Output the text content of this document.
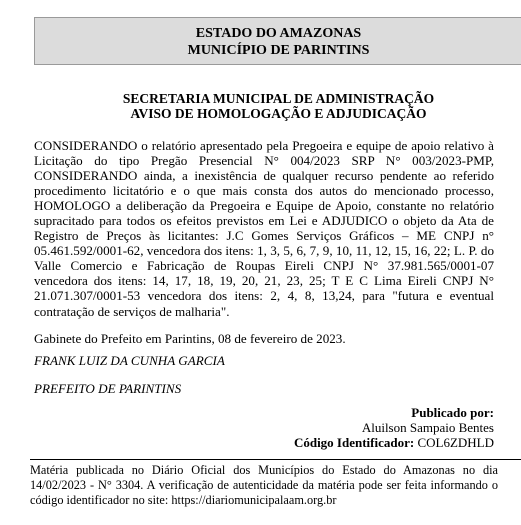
ESTADO DO AMAZONAS
MUNICÍPIO DE PARINTINS
SECRETARIA MUNICIPAL DE ADMINISTRAÇÃO
AVISO DE HOMOLOGAÇÃO E ADJUDICAÇÃO
CONSIDERANDO o relatório apresentado pela Pregoeira e equipe de apoio relativo à Licitação do tipo Pregão Presencial N° 004/2023 SRP N° 003/2023-PMP, CONSIDERANDO ainda, a inexistência de qualquer recurso pendente ao referido procedimento licitatório e o que mais consta dos autos do mencionado processo, HOMOLOGO a deliberação da Pregoeira e Equipe de Apoio, constante no relatório supracitado para todos os efeitos previstos em Lei e ADJUDICO o objeto da Ata de Registro de Preços às licitantes: J.C Gomes Serviços Gráficos – ME CNPJ n° 05.461.592/0001-62, vencedora dos itens: 1, 3, 5, 6, 7, 9, 10, 11, 12, 15, 16, 22; L. P. do Valle Comercio e Fabricação de Roupas Eireli CNPJ N° 37.981.565/0001-07 vencedora dos itens: 14, 17, 18, 19, 20, 21, 23, 25; T E C Lima Eireli CNPJ N° 21.071.307/0001-53 vencedora dos itens: 2, 4, 8, 13,24, para "futura e eventual contratação de serviços de malharia".
Gabinete do Prefeito em Parintins, 08 de fevereiro de 2023.
FRANK LUIZ DA CUNHA GARCIA
PREFEITO DE PARINTINS
Publicado por:
Aluilson Sampaio Bentes
Código Identificador: COL6ZDHLD
Matéria publicada no Diário Oficial dos Municípios do Estado do Amazonas no dia 14/02/2023 - N° 3304. A verificação de autenticidade da matéria pode ser feita informando o código identificador no site: https://diariomunicipalaam.org.br
